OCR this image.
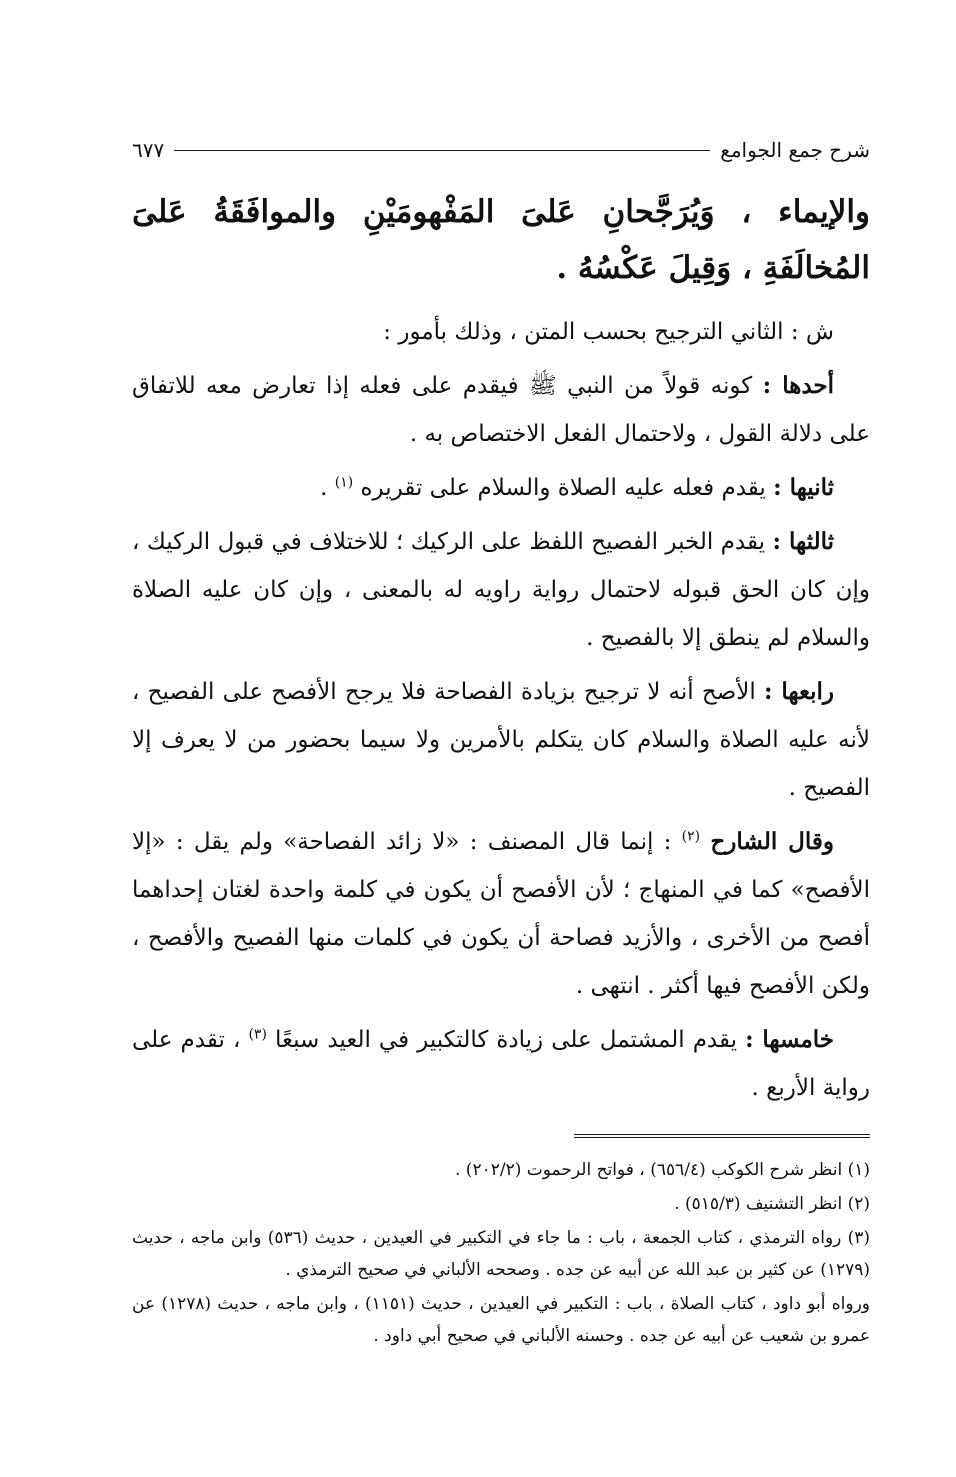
شرح جمع الجوامع
٦٧٧
والإيماء ، وَيُرَجَّحانِ عَلىَ المَفْهومَيْنِ والموافَقَةُ عَلىَ المُخالَفَةِ ، وَقِيلَ عَكْسُهُ .

ش : الثاني الترجيح بحسب المتن ، وذلك بأمور :

أحدها : كونه قولاً من النبي ﷺ فيقدم على فعله إذا تعارض معه للاتفاق على دلالة القول ، ولاحتمال الفعل الاختصاص به .

ثانيها : يقدم فعله عليه الصلاة والسلام على تقريره $^{(١)}$ .

ثالثها : يقدم الخبر الفصيح اللفظ على الركيك ؛ للاختلاف في قبول الركيك ، وإن كان الحق قبوله لاحتمال رواية راويه له بالمعنى ، وإن كان عليه الصلاة والسلام لم ينطق إلا بالفصيح .

رابعها : الأصح أنه لا ترجيح بزيادة الفصاحة فلا يرجح الأفصح على الفصيح ، لأنه عليه الصلاة والسلام كان يتكلم بالأمرين ولا سيما بحضور من لا يعرف إلا الفصيح .

وقال الشارح $^{(٢)}$ : إنما قال المصنف : «لا زائد الفصاحة» ولم يقل : «إلا الأفصح» كما في المنهاج ؛ لأن الأفصح أن يكون في كلمة واحدة لغتان إحداهما أفصح من الأخرى ، والأزيد فصاحة أن يكون في كلمات منها الفصيح والأفصح ، ولكن الأفصح فيها أكثر . انتهى .

خامسها : يقدم المشتمل على زيادة كالتكبير في العيد سبعًا $^{(٣)}$ ، تقدم على رواية الأربع .

(١) انظر شرح الكوكب (٦٥٦/٤) ، فواتح الرحموت (٢٠٢/٢) .

(٢) انظر التشنيف (٥١٥/٣) .

(٣) رواه الترمذي ، كتاب الجمعة ، باب : ما جاء في التكبير في العيدين ، حديث (٥٣٦) وابن ماجه ، حديث (١٢٧٩) عن كثير بن عبد الله عن أبيه عن جده . وصححه الألباني في صحيح الترمذي .

ورواه أبو داود ، كتاب الصلاة ، باب : التكبير في العيدين ، حديث (١١٥١) ، وابن ماجه ، حديث (١٢٧٨) عن عمرو بن شعيب عن أبيه عن جده . وحسنه الألباني في صحيح أبي داود .
